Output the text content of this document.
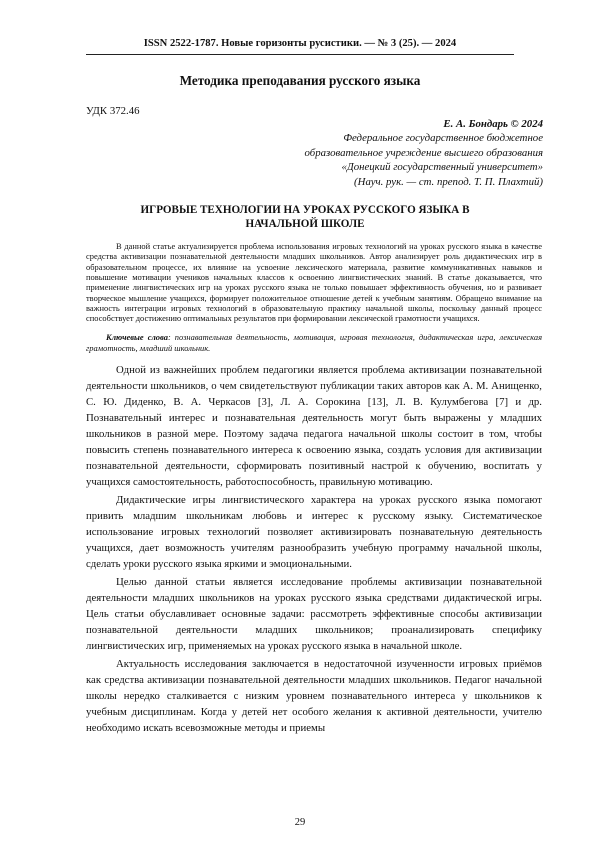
ISSN 2522-1787. Новые горизонты русистики. — № 3 (25). — 2024
Методика преподавания русского языка
УДК 372.46
Е. А. Бондарь © 2024
Федеральное государственное бюджетное
образовательное учреждение высшего образования
«Донецкий государственный университет»
(Науч. рук. — ст. препод. Т. П. Плахтий)
ИГРОВЫЕ ТЕХНОЛОГИИ НА УРОКАХ РУССКОГО ЯЗЫКА В НАЧАЛЬНОЙ ШКОЛЕ

В данной статье актуализируется проблема использования игровых технологий на уроках русского языка в качестве средства активизации познавательной деятельности младших школьников. Автор анализирует роль дидактических игр в образовательном процессе, их влияние на усвоение лексического материала, развитие коммуникативных навыков и повышение мотивации учеников начальных классов к освоению лингвистических знаний. В статье доказывается, что применение лингвистических игр на уроках русского языка не только повышает эффективность обучения, но и развивает творческое мышление учащихся, формирует положительное отношение детей к учебным занятиям. Обращено внимание на важность интеграции игровых технологий в образовательную практику начальной школы, поскольку данный процесс способствует достижению оптимальных результатов при формировании лексической грамотности учащихся.

Ключевые слова: познавательная деятельность, мотивация, игровая технология, дидактическая игра, лексическая грамотность, младший школьник.

Одной из важнейших проблем педагогики является проблема активизации познавательной деятельности школьников, о чем свидетельствуют публикации таких авторов как А. М. Анищенко, С. Ю. Диденко, В. А. Черкасов [3], Л. А. Сорокина [13], Л. В. Кулумбегова [7] и др. Познавательный интерес и познавательная деятельность могут быть выражены у младших школьников в разной мере. Поэтому задача педагога начальной школы состоит в том, чтобы повысить степень познавательного интереса к освоению языка, создать условия для активизации познавательной деятельности, сформировать позитивный настрой к обучению, воспитать у учащихся самостоятельность, работоспособность, правильную мотивацию.

Дидактические игры лингвистического характера на уроках русского языка помогают привить младшим школьникам любовь и интерес к русскому языку. Систематическое использование игровых технологий позволяет активизировать познавательную деятельность учащихся, дает возможность учителям разнообразить учебную программу начальной школы, сделать уроки русского языка яркими и эмоциональными.

Целью данной статьи является исследование проблемы активизации познавательной деятельности младших школьников на уроках русского языка средствами дидактической игры. Цель статьи обуславливает основные задачи: рассмотреть эффективные способы активизации познавательной деятельности младших школьников; проанализировать специфику лингвистических игр, применяемых на уроках русского языка в начальной школе.

Актуальность исследования заключается в недостаточной изученности игровых приёмов как средства активизации познавательной деятельности младших школьников. Педагог начальной школы нередко сталкивается с низким уровнем познавательного интереса у школьников к учебным дисциплинам. Когда у детей нет особого желания к активной деятельности, учителю необходимо искать всевозможные методы и приемы

29
